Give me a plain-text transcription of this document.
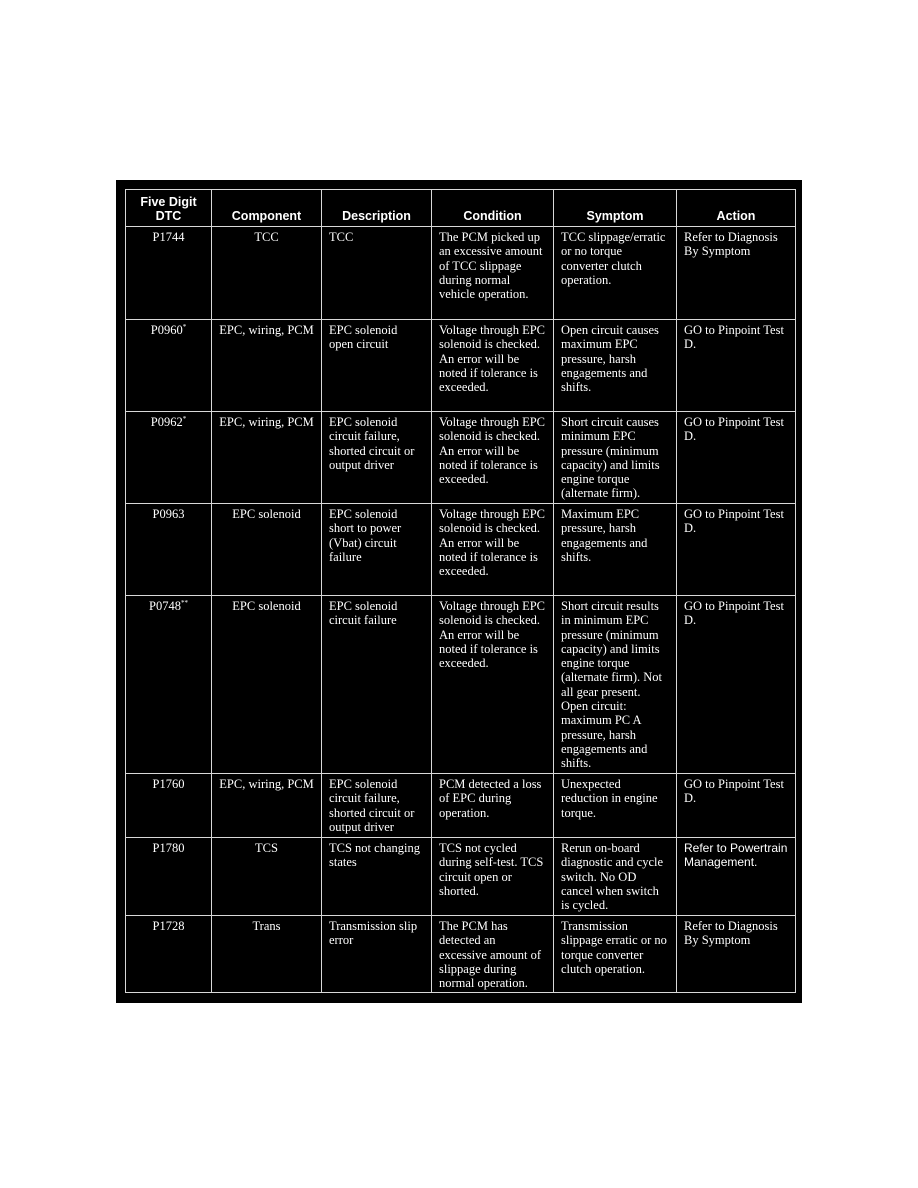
Five Digit DTC	Component	Description	Condition	Symptom	Action
P1744	TCC	TCC	The PCM picked up an excessive amount of TCC slippage during normal vehicle operation.	TCC slippage/erratic or no torque converter clutch operation.	Refer to Diagnosis By Symptom
P0960*	EPC, wiring, PCM	EPC solenoid open circuit	Voltage through EPC solenoid is checked. An error will be noted if tolerance is exceeded.	Open circuit causes maximum EPC pressure, harsh engagements and shifts.	GO to Pinpoint Test D.
P0962*	EPC, wiring, PCM	EPC solenoid circuit failure, shorted circuit or output driver	Voltage through EPC solenoid is checked. An error will be noted if tolerance is exceeded.	Short circuit causes minimum EPC pressure (minimum capacity) and limits engine torque (alternate firm).	GO to Pinpoint Test D.
P0963	EPC solenoid	EPC solenoid short to power (Vbat) circuit failure	Voltage through EPC solenoid is checked. An error will be noted if tolerance is exceeded.	Maximum EPC pressure, harsh engagements and shifts.	GO to Pinpoint Test D.
P0748**	EPC solenoid	EPC solenoid circuit failure	Voltage through EPC solenoid is checked. An error will be noted if tolerance is exceeded.	Short circuit results in minimum EPC pressure (minimum capacity) and limits engine torque (alternate firm). Not all gear present. Open circuit: maximum PC A pressure, harsh engagements and shifts.	GO to Pinpoint Test D.
P1760	EPC, wiring, PCM	EPC solenoid circuit failure, shorted circuit or output driver	PCM detected a loss of EPC during operation.	Unexpected reduction in engine torque.	GO to Pinpoint Test D.
P1780	TCS	TCS not changing states	TCS not cycled during self-test. TCS circuit open or shorted.	Rerun on-board diagnostic and cycle switch. No OD cancel when switch is cycled.	Refer to Powertrain Management.
P1728	Trans	Transmission slip error	The PCM has detected an excessive amount of slippage during normal operation.	Transmission slippage erratic or no torque converter clutch operation.	Refer to Diagnosis By Symptom
